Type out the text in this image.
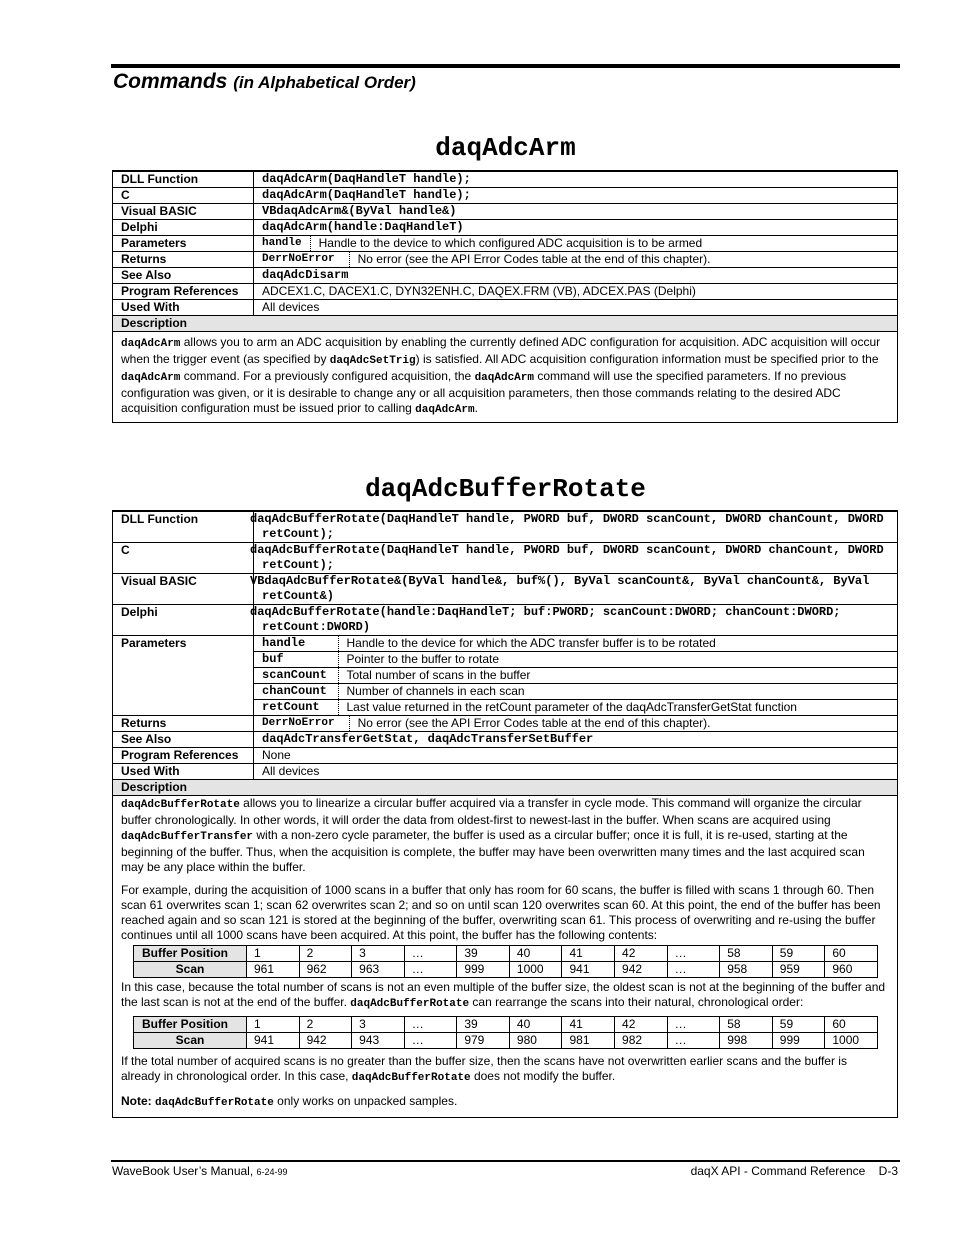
Commands (in Alphabetical Order)
daqAdcArm
DLL Function	daqAdcArm(DaqHandleT handle);
C	daqAdcArm(DaqHandleT handle);
Visual BASIC	VBdaqAdcArm&(ByVal handle&)
Delphi	daqAdcArm(handle:DaqHandleT)
Parameters	handle Handle to the device to which configured ADC acquisition is to be armed

Returns	DerrNoError No error (see the API Error Codes table at the end of this chapter).

See Also	daqAdcDisarm
Program References	ADCEX1.C, DACEX1.C, DYN32ENH.C, DAQEX.FRM (VB), ADCEX.PAS (Delphi)
Used With	All devices
Description	

daqAdcArm allows you to arm an ADC acquisition by enabling the currently defined ADC configuration for acquisition. ADC acquisition will occur when the trigger event (as specified by daqAdcSetTrig) is satisfied. All ADC acquisition configuration information must be specified prior to the daqAdcArm command. For a previously configured acquisition, the daqAdcArm command will use the specified parameters. If no previous configuration was given, or it is desirable to change any or all acquisition parameters, then those commands relating to the desired ADC acquisition configuration must be issued prior to calling daqAdcArm.	

daqAdcBufferRotate
DLL Function	daqAdcBufferRotate(DaqHandleT handle, PWORD buf, DWORD scanCount, DWORD chanCount, DWORD retCount);
C	daqAdcBufferRotate(DaqHandleT handle, PWORD buf, DWORD scanCount, DWORD chanCount, DWORD retCount);
Visual BASIC	VBdaqAdcBufferRotate&(ByVal handle&, buf%(), ByVal scanCount&, ByVal chanCount&, ByVal retCount&)
Delphi	daqAdcBufferRotate(handle:DaqHandleT; buf:PWORD; scanCount:DWORD; chanCount:DWORD; retCount:DWORD)
Parameters		handle	Handle to the device for which the ADC transfer buffer is to be rotated
buf	Pointer to the buffer to rotate
scanCount	Total number of scans in the buffer
chanCount	Number of channels in each scan
retCount	Last value returned in the retCount parameter of the daqAdcTransferGetStat function

Returns	DerrNoError	No error (see the API Error Codes table at the end of this chapter).

See Also	daqAdcTransferGetStat, daqAdcTransferSetBuffer
Program References	None
Used With	All devices
Description

daqAdcBufferRotate allows you to linearize a circular buffer acquired via a transfer in cycle mode. This command will organize the circular buffer chronologically. In other words, it will order the data from oldest-first to newest-last in the buffer. When scans are acquired using daqAdcBufferTransfer with a non-zero cycle parameter, the buffer is used as a circular buffer; once it is full, it is re-used, starting at the beginning of the buffer. Thus, when the acquisition is complete, the buffer may have been overwritten many times and the last acquired scan may be any place within the buffer.

For example, during the acquisition of 1000 scans in a buffer that only has room for 60 scans, the buffer is filled with scans 1 through 60. Then scan 61 overwrites scan 1; scan 62 overwrites scan 2; and so on until scan 120 overwrites scan 60. At this point, the end of the buffer has been reached again and so scan 121 is stored at the beginning of the buffer, overwriting scan 61. This process of overwriting and re-using the buffer continues until all 1000 scans have been acquired. At this point, the buffer has the following contents:

Buffer Position	1	2	3	…	39	40	41	42	…	58	59	60
Scan	961	962	963	…	999	1000	941	942	…	958	959	960

In this case, because the total number of scans is not an even multiple of the buffer size, the oldest scan is not at the beginning of the buffer and the last scan is not at the end of the buffer. daqAdcBufferRotate can rearrange the scans into their natural, chronological order:

Buffer Position	1	2	3	…	39	40	41	42	…	58	59	60
Scan	941	942	943	…	979	980	981	982	…	998	999	1000

If the total number of acquired scans is no greater than the buffer size, then the scans have not overwritten earlier scans and the buffer is already in chronological order. In this case, daqAdcBufferRotate does not modify the buffer.

Note: daqAdcBufferRotate only works on unpacked samples.

WaveBook User’s Manual, 6-24-99	daqX API - Command Reference    D-3
